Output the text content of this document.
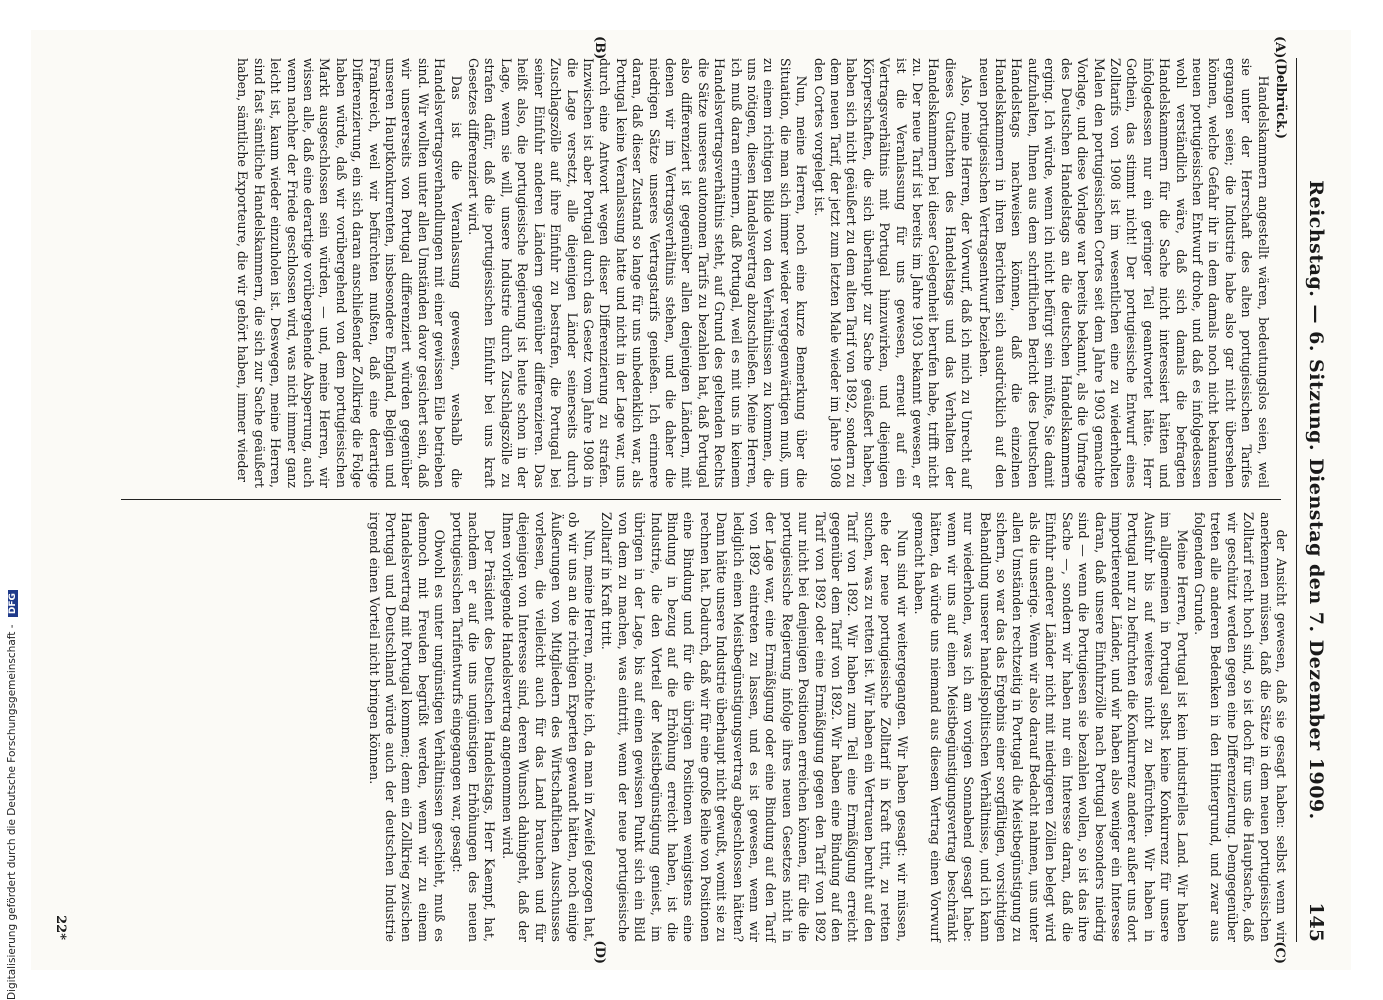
Reichstag. — 6. Sitzung. Dienstag den 7. Dezember 1909.
145
(A)
(B)
(C)
(D)
(Delbrück.)

Handelskammern angestellt wären, bedeutungslos seien, weil sie unter der Herrschaft des alten portugiesischen Tarifes ergangen seien; die Industrie habe also gar nicht übersehen können, welche Gefahr ihr in dem damals noch nicht bekannten neuen portugiesischen Entwurf drohe, und daß es infolgedessen wohl verständlich wäre, daß sich damals die befragten Handelskammern für die Sache nicht interessiert hätten und infolgedessen nur ein geringer Teil geantwortet hätte. Herr Gothein, das stimmt nicht! Der portugiesische Entwurf eines Zolltarifs von 1908 ist im wesentlichen eine zu wiederholten Malen den portugiesischen Cortes seit dem Jahre 1903 gemachte Vorlage, und diese Vorlage war bereits bekannt, als die Umfrage des Deutschen Handelstags an die deutschen Handelskammern erging. Ich würde, wenn ich nicht befürgt sein müßte, Sie damit aufzuhalten, Ihnen aus dem schriftlichen Bericht des Deutschen Handelstags nachweisen können, daß die einzelnen Handelskammern in ihren Berichten sich ausdrücklich auf den neuen portugiesischen Vertragsentwurf beziehen.

Also, meine Herren, der Vorwurf, daß ich mich zu Unrecht auf dieses Gutachten des Handelstags und das Verhalten der Handelskammern bei dieser Gelegenheit berufen habe, trifft nicht zu. Der neue Tarif ist bereits im Jahre 1903 bekannt gewesen, er ist die Veranlassung für uns gewesen, erneut auf ein Vertragsverhältnis mit Portugal hinzuwirken, und diejenigen Körperschaften, die sich überhaupt zur Sache geäußert haben, haben sich nicht geäußert zu dem alten Tarif von 1892, sondern zu dem neuen Tarif, der jetzt zum letzten Male wieder im Jahre 1908 den Cortes vorgelegt ist.

Nun, meine Herren, noch eine kurze Bemerkung über die Situation, die man sich immer wieder vergegenwärtigen muß, um zu einem richtigen Bilde von den Verhältnissen zu kommen, die uns nötigen, diesen Handelsvertrag abzuschließen. Meine Herren, ich muß daran erinnern, daß Portugal, weil es mit uns in keinem Handelsvertragsverhältnis steht, auf Grund des geltenden Rechts die Sätze unseres autonomen Tarifs zu bezahlen hat, daß Portugal also differenziert ist gegenüber allen denjenigen Ländern, mit denen wir im Vertragsverhältnis stehen, und die daher die niedrigen Sätze unseres Vertragstarifs genießen. Ich erinnere daran, daß dieser Zustand so lange für uns unbedenklich war, als Portugal keine Veranlassung hatte und nicht in der Lage war, uns durch eine Antwort wegen dieser Differenzierung zu strafen. Inzwischen ist aber Portugal durch das Gesetz vom Jahre 1908 in die Lage versetzt, alle diejenigen Länder seinerseits durch Zuschlagszölle auf ihre Einfuhr zu bestrafen, die Portugal bei seiner Einfuhr anderen Ländern gegenüber differenzieren. Das heißt also, die portugiesische Regierung ist heute schon in der Lage, wenn sie will, unsere Industrie durch Zuschlagszölle zu strafen dafür, daß die portugiesischen Einfuhr bei uns kraft Gesetzes differenziert wird.

Das ist die Veranlassung gewesen, weshalb die Handelsvertragsverhandlungen mit einer gewissen Eile betrieben sind. Wir wollten unter allen Umständen davor gesichert sein, daß wir unsererseits von Portugal differenziert würden gegenüber unseren Hauptkonkurrenten, insbesondere England, Belgien und Frankreich, weil wir befürchten mußten, daß eine derartige Differenzierung, ein sich daran anschließender Zollkrieg die Folge haben würde, daß wir vorübergehend von dem portugiesischen Markt ausgeschlossen sein würden, — und, meine Herren, wir wissen alle, daß eine derartige vorübergehende Absperrung, auch wenn nachher der Friede geschlossen wird, was nicht immer ganz leicht ist, kaum wieder einzuholen ist. Deswegen, meine Herren, sind fast sämtliche Handelskammern, die sich zur Sache geäußert haben, sämtliche Exporteure, die wir gehört haben, immer wieder

der Ansicht gewesen, daß sie gesagt haben: selbst wenn wir anerkennen müssen, daß die Sätze in dem neuen portugiesischen Zolltarif recht hoch sind, so ist doch für uns die Hauptsache, daß wir geschützt werden gegen eine Differenzierung. Demgegenüber treten alle anderen Bedenken in den Hintergrund, und zwar aus folgendem Grunde.

Meine Herren, Portugal ist kein industrielles Land. Wir haben im allgemeinen in Portugal selbst keine Konkurrenz für unsere Ausfuhr bis auf weiteres nicht zu befürchten. Wir haben in Portugal nur zu befürchten die Konkurrenz anderer außer uns dort importierender Länder, und wir haben also weniger ein Interesse daran, daß unsere Einfuhrzölle nach Portugal besonders niedrig sind — wenn die Portugiesen sie bezahlen wollen, so ist das ihre Sache —, sondern wir haben nur ein Interesse daran, daß die Einfuhr anderer Länder nicht mit niedrigeren Zöllen belegt wird als die unserige. Wenn wir also darauf Bedacht nahmen, uns unter allen Umständen rechtzeitig in Portugal die Meistbegünstigung zu sichern, so war das das Ergebnis einer sorgfältigen, vorsichtigen Behandlung unserer handelspolitischen Verhältnisse, und ich kann nur wiederholen, was ich am vorigen Sonnabend gesagt habe: wenn wir uns auf einen Meistbegünstigungsvertrag beschränkt hätten, da würde uns niemand aus diesem Vertrag einen Vorwurf gemacht haben.

Nun sind wir weitergegangen. Wir haben gesagt: wir müssen, ehe der neue portugiesische Zolltarif in Kraft tritt, zu retten suchen, was zu retten ist. Wir haben ein Vertrauen beruht auf den Tarif von 1892. Wir haben zum Teil eine Ermäßigung erreicht gegenüber dem Tarif von 1892. Wir haben eine Bindung auf den Tarif von 1892 oder eine Ermäßigung gegen den Tarif von 1892 nur nicht bei denjenigen Positionen erreichen können, für die die portugiesische Regierung infolge ihres neuen Gesetzes nicht in der Lage war, eine Ermäßigung oder eine Bindung auf den Tarif von 1892 eintreten zu lassen, und es ist gewesen, wenn wir lediglich einen Meistbegünstigungsvertrag abgeschlossen hätten? Dann hätte unsere Industrie überhaupt nicht gewußt, womit sie zu rechnen hat. Dadurch, daß wir für eine große Reihe von Positionen eine Bindung und für die übrigen Positionen wenigstens eine Bindung in bezug auf die Erhöhung erreicht haben, ist die Industrie, die den Vorteil der Meistbegünstigung geniest, im übrigen in der Lage, bis auf einen gewissen Punkt sich ein Bild von dem zu machen, was eintritt, wenn der neue portugiesische Zolltarif in Kraft tritt.

Nun, meine Herren, möchte ich, da man in Zweifel gezogen hat, ob wir uns an die richtigen Experten gewandt hätten, noch einige Äußerungen von Mitgliedern des Wirtschaftlichen Ausschusses vorlesen, die vielleicht auch für das Land brauchen und für diejenigen von Interesse sind, deren Wunsch dahingeht, daß der Ihnen vorliegende Handelsvertrag angenommen wird.

Der Präsident des Deutschen Handelstags, Herr Kaempf, hat, nachdem er auf die uns ungünstigen Erhöhungen des neuen portugiesischen Tarifentwurfs eingegangen war, gesagt:

Obwohl es unter ungünstigen Verhältnissen geschieht, muß es dennoch mit Freuden begrüßt werden, wenn wir zu einem Handelsvertrag mit Portugal kommen; denn ein Zollkrieg zwischen Portugal und Deutschland würde auch der deutschen Industrie irgend einen Vorteil nicht bringen können.

22*
Digitalisierung gefördert durch die Deutsche Forschungsgemeinschaft - DFG
